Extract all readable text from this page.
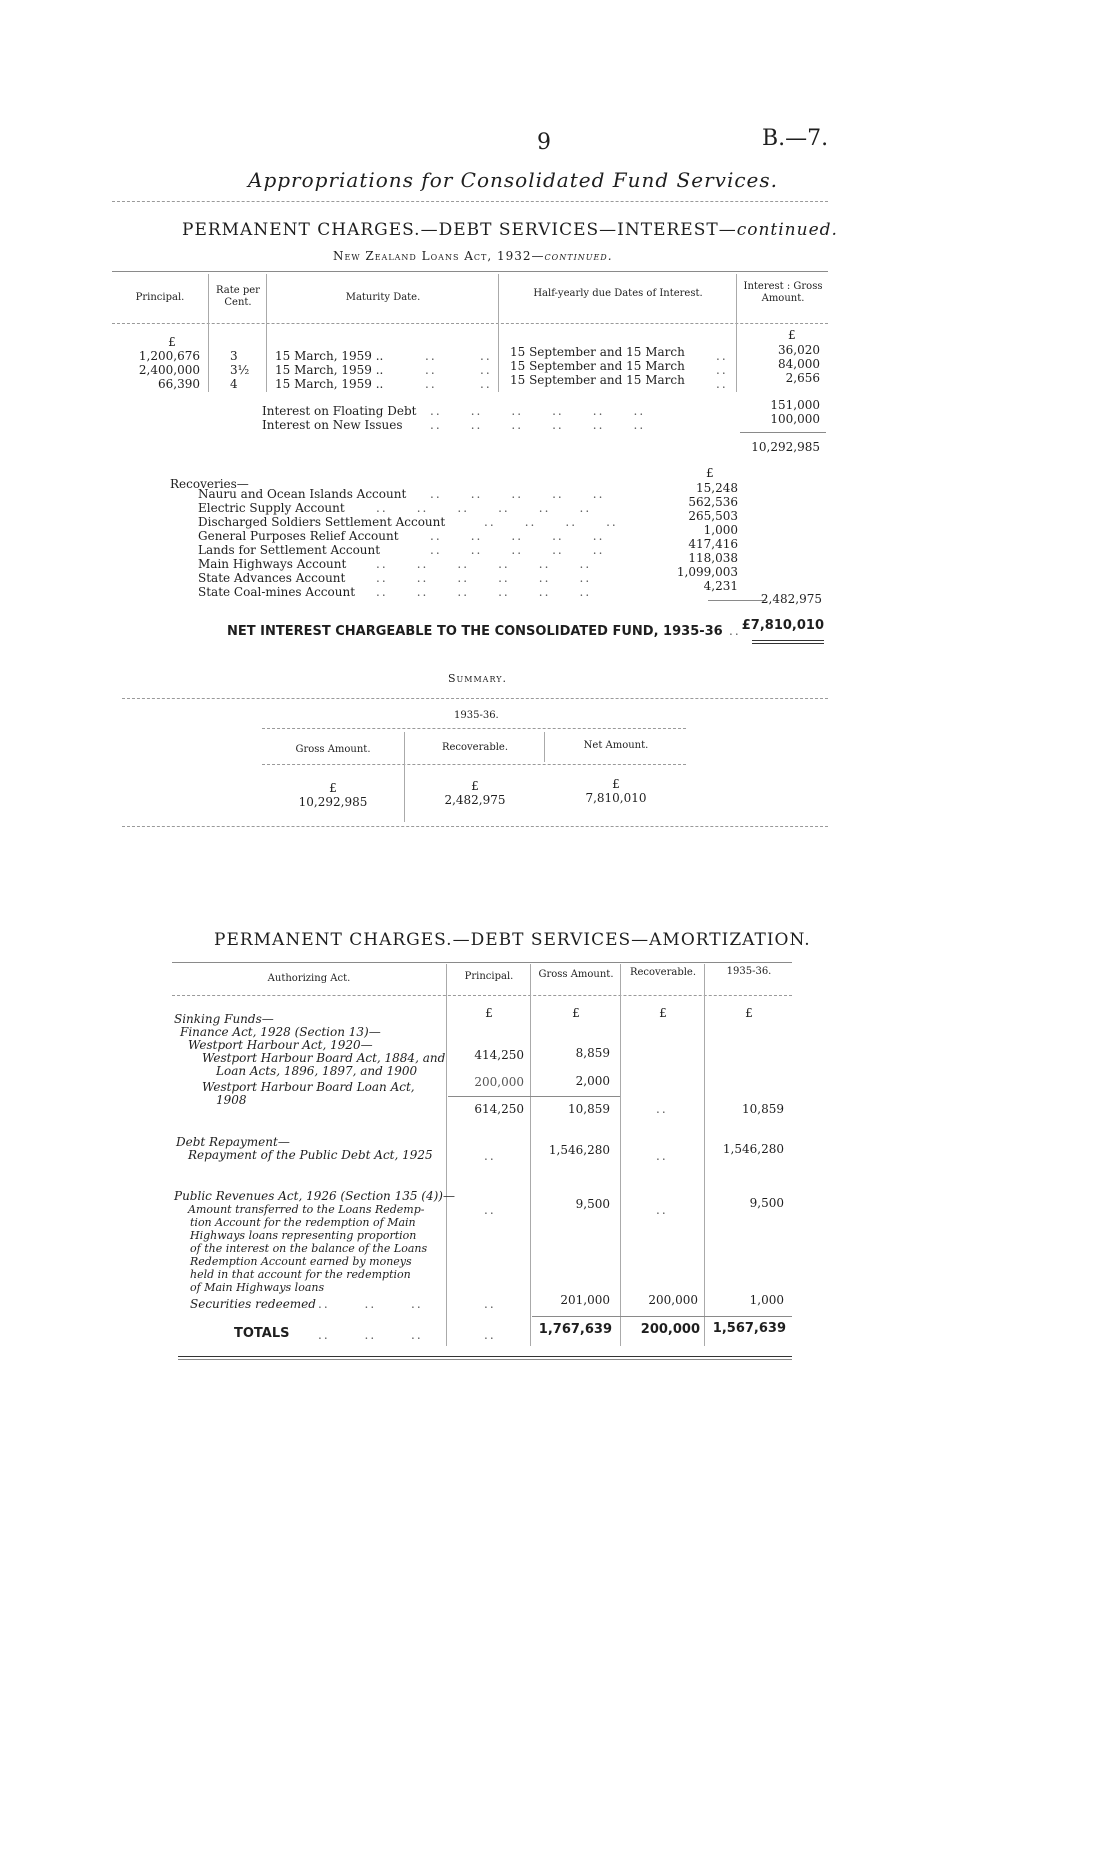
9	B.—7.
Appropriations for Consolidated Fund Services.
PERMANENT CHARGES.—DEBT SERVICES—INTEREST—continued.
New Zealand Loans Act, 1932—continued.
Principal.
Rate per Cent.	Maturity Date.	Half-yearly due Dates of Interest.
Interest : Gross Amount.
£	£
1,200,676	3	15 March, 1959 ..	..	.. 15 September and 15 March	..	36,020
2,400,000	3½ 15 March, 1959 ..	..	.. 15 September and 15 March	..	84,000
66,390	4	15 March, 1959 ..	..	.. 15 September and 15 March	..	2,656
Interest on Floating Debt ..     ..     ..     ..     ..     ..	151,000
Interest on New Issues ..     ..     ..     ..     ..     ..	100,000
10,292,985
Recoveries—
£
Nauru and Ocean Islands Account ..     ..     ..     ..     ..	15,248
Electric Supply Account	..     ..     ..     ..     ..     ..	562,536
Discharged Soldiers Settlement Account	..     ..     ..     ..	265,503
General Purposes Relief Account	..     ..     ..     ..     ..	1,000
Lands for Settlement Account	..     ..     ..     ..     ..	417,416
Main Highways Account ..     ..     ..     ..     ..     ..	118,038
State Advances Account	..     ..     ..     ..     ..     ..	1,099,003
State Coal-mines Account ..     ..     ..     ..     ..     ..	4,231
2,482,975
NET INTEREST CHARGEABLE TO THE CONSOLIDATED FUND, 1935-36 .. £7,810,010
Summary.
1935-36.
Gross Amount.	Recoverable.	Net Amount.
£	£	£
10,292,985	2,482,975	7,810,010
PERMANENT CHARGES.—DEBT SERVICES—AMORTIZATION.
Authorizing Act.	Principal.	Gross Amount.	Recoverable.	1935-36.
£	£	£	£
Sinking Funds—
Finance Act, 1928 (Section 13)—
Westport Harbour Act, 1920—
Westport Harbour Board Act, 1884, and
Loan Acts, 1896, 1897, and 1900
Westport Harbour Board Loan Act,
1908
414,250	8,859
200,000	2,000
614,250	10,859	..	10,859
Debt Repayment—
Repayment of the Public Debt Act, 1925	..	1,546,280	..	1,546,280
Public Revenues Act, 1926 (Section 135 (4))—
Amount transferred to the Loans Redemp-
tion Account for the redemption of Main
Highways loans representing proportion
of the interest on the balance of the Loans
Redemption Account earned by moneys
held in that account for the redemption
of Main Highways loans
..	9,500	..	9,500
Securities redeemed ..      ..      ..	..	201,000	200,000	1,000
TOTALS ..      ..      ..	..	1,767,639	200,000 1,567,639
